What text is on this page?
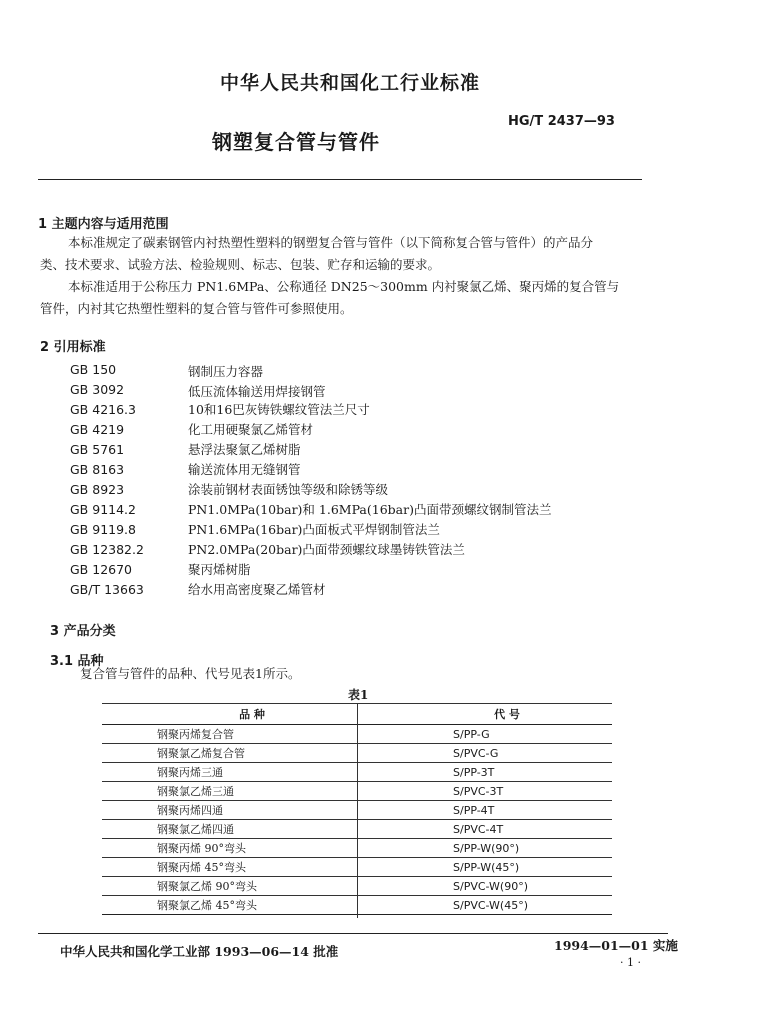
中华人民共和国化工行业标准
HG/T 2437—93
钢塑复合管与管件
1 主题内容与适用范围
本标准规定了碳素钢管内衬热塑性塑料的钢塑复合管与管件（以下简称复合管与管件）的产品分
类、技术要求、试验方法、检验规则、标志、包装、贮存和运输的要求。
本标准适用于公称压力 PN1.6MPa、公称通径 DN25～300mm 内衬聚氯乙烯、聚丙烯的复合管与
管件，内衬其它热塑性塑料的复合管与管件可参照使用。
2 引用标准
GB 150	钢制压力容器
GB 3092	低压流体输送用焊接钢管
GB 4216.3	10和16巴灰铸铁螺纹管法兰尺寸
GB 4219	化工用硬聚氯乙烯管材
GB 5761	悬浮法聚氯乙烯树脂
GB 8163	输送流体用无缝钢管
GB 8923	涂装前钢材表面锈蚀等级和除锈等级
GB 9114.2	PN1.0MPa(10bar)和 1.6MPa(16bar)凸面带颈螺纹钢制管法兰
GB 9119.8	PN1.6MPa(16bar)凸面板式平焊钢制管法兰
GB 12382.2	PN2.0MPa(20bar)凸面带颈螺纹球墨铸铁管法兰
GB 12670	聚丙烯树脂
GB/T 13663	给水用高密度聚乙烯管材
3 产品分类
3.1 品种
复合管与管件的品种、代号见表1所示。
表1
品 种	代 号
钢聚丙烯复合管	S/PP-G
钢聚氯乙烯复合管	S/PVC-G
钢聚丙烯三通	S/PP-3T
钢聚氯乙烯三通	S/PVC-3T
钢聚丙烯四通	S/PP-4T
钢聚氯乙烯四通	S/PVC-4T
钢聚丙烯 90°弯头	S/PP-W(90°)
钢聚丙烯 45°弯头	S/PP-W(45°)
钢聚氯乙烯 90°弯头	S/PVC-W(90°)
钢聚氯乙烯 45°弯头	S/PVC-W(45°)
中华人民共和国化学工业部 1993—06—14 批准	1994—01—01 实施
· 1 ·
